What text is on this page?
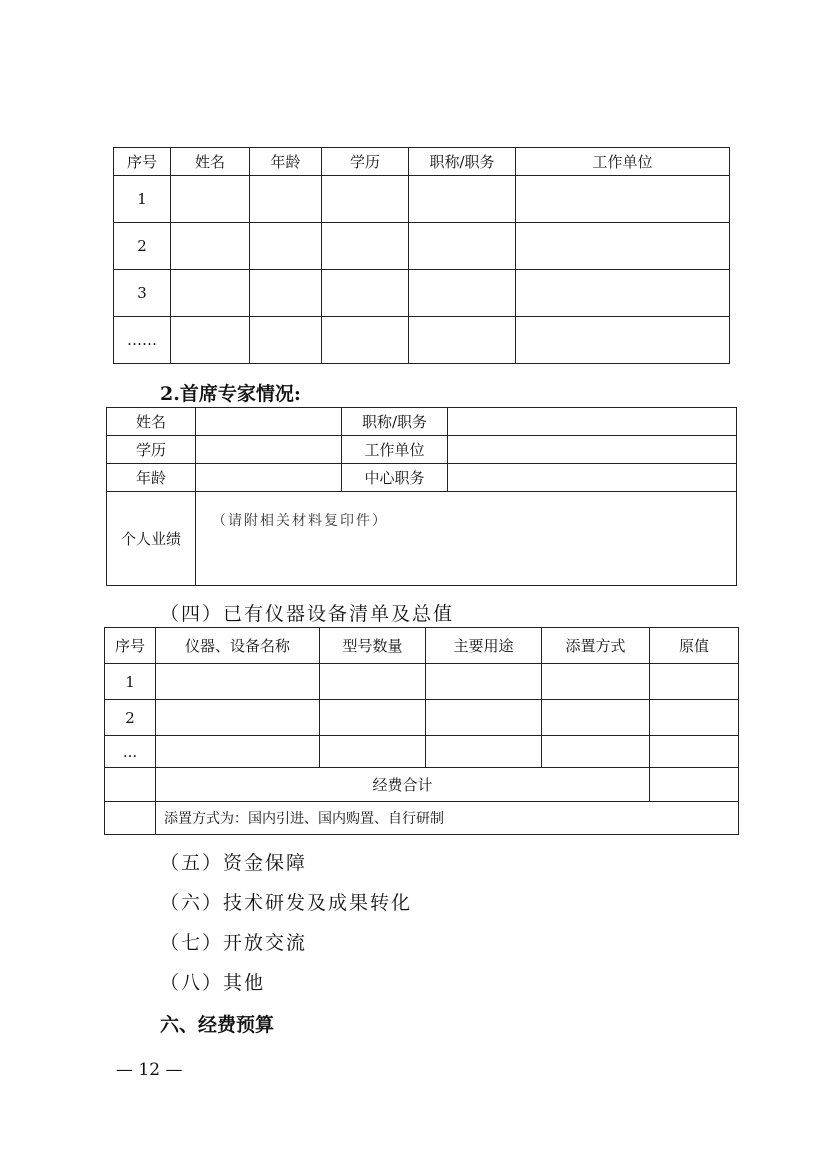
序号	姓名	年龄	学历	职称/职务	工作单位
1					
2					
3					
……					
2.首席专家情况:
姓名		职称/职务	
学历		工作单位	
年龄		中心职务	
个人业绩	（请附相关材料复印件）		
（四）已有仪器设备清单及总值
序号	仪器、设备名称	型号数量	主要用途	添置方式	原值
1					
2					
...					
	经费合计				
	添置方式为：国内引进、国内购置、自行研制				
（五）资金保障
（六）技术研发及成果转化
（七）开放交流
（八）其他
六、经费预算
— 12 —
